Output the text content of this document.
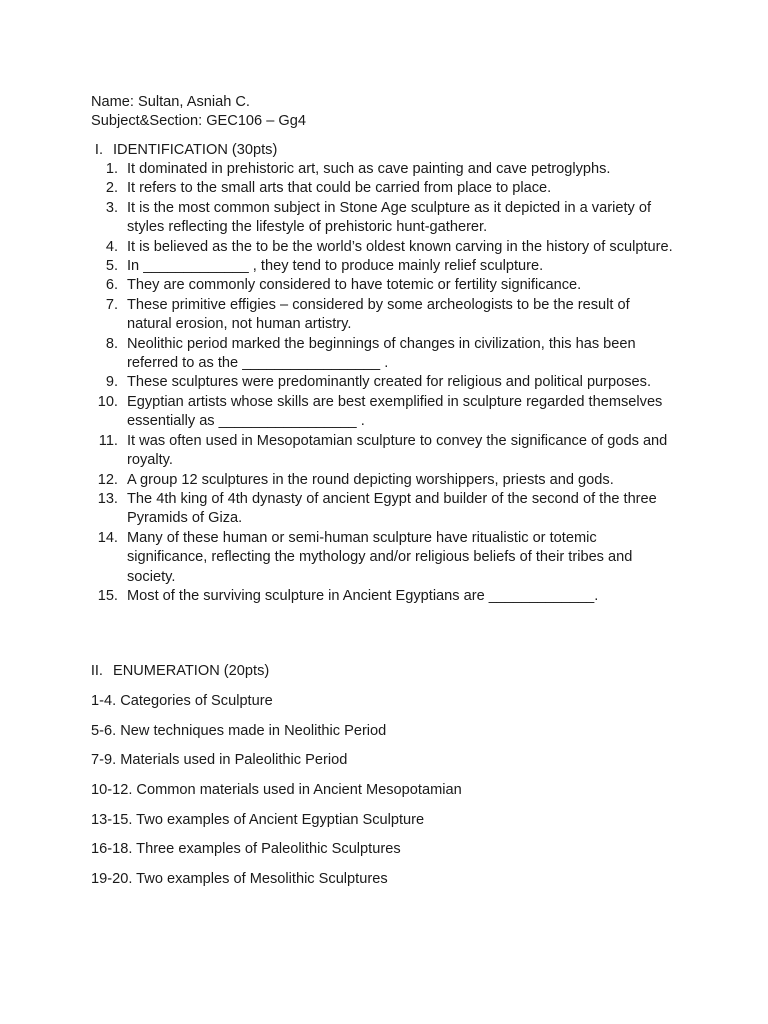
Name: Sultan, Asniah C.
Subject&Section: GEC106 – Gg4
I. IDENTIFICATION (30pts)
1. It dominated in prehistoric art, such as cave painting and cave petroglyphs.
2. It refers to the small arts that could be carried from place to place.
3. It is the most common subject in Stone Age sculpture as it depicted in a variety of styles reflecting the lifestyle of prehistoric hunt-gatherer.
4. It is believed as the to be the world’s oldest known carving in the history of sculpture.
5. In _____________ , they tend to produce mainly relief sculpture.
6. They are commonly considered to have totemic or fertility significance.
7. These primitive effigies – considered by some archeologists to be the result of natural erosion, not human artistry.
8. Neolithic period marked the beginnings of changes in civilization, this has been referred to as the _________________ .
9. These sculptures were predominantly created for religious and political purposes.
10. Egyptian artists whose skills are best exemplified in sculpture regarded themselves essentially as _________________ .
11. It was often used in Mesopotamian sculpture to convey the significance of gods and royalty.
12. A group 12 sculptures in the round depicting worshippers, priests and gods.
13. The 4th king of 4th dynasty of ancient Egypt and builder of the second of the three Pyramids of Giza.
14. Many of these human or semi-human sculpture have ritualistic or totemic significance, reflecting the mythology and/or religious beliefs of their tribes and society.
15. Most of the surviving sculpture in Ancient Egyptians are _____________.
II. ENUMERATION (20pts)
1-4. Categories of Sculpture
5-6. New techniques made in Neolithic Period
7-9. Materials used in Paleolithic Period
10-12. Common materials used in Ancient Mesopotamian
13-15. Two examples of Ancient Egyptian Sculpture
16-18. Three examples of Paleolithic Sculptures
19-20. Two examples of Mesolithic Sculptures
